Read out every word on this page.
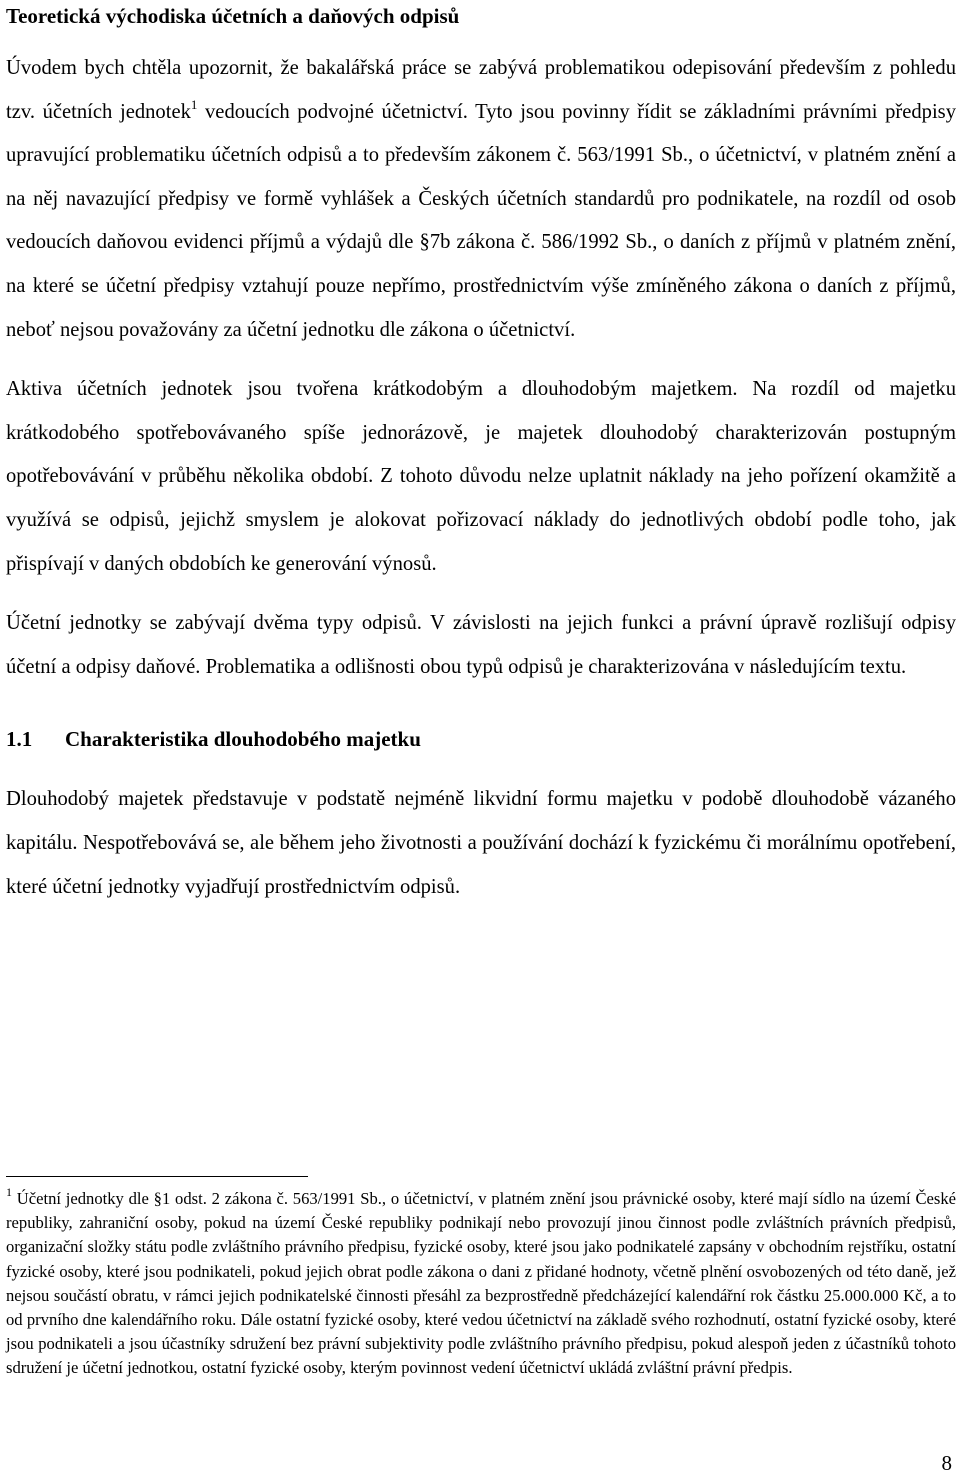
Teoretická východiska účetních a daňových odpisů

Úvodem bych chtěla upozornit, že bakalářská práce se zabývá problematikou odepisování především z pohledu tzv. účetních jednotek$^1$ vedoucích podvojné účetnictví. Tyto jsou povinny řídit se základními právními předpisy upravující problematiku účetních odpisů a to především zákonem č. 563/1991 Sb., o účetnictví, v platném znění a na něj navazující předpisy ve formě vyhlášek a Českých účetních standardů pro podnikatele, na rozdíl od osob vedoucích daňovou evidenci příjmů a výdajů dle §7b zákona č. 586/1992 Sb., o daních z příjmů v platném znění, na které se účetní předpisy vztahují pouze nepřímo, prostřednictvím výše zmíněného zákona o daních z příjmů, neboť nejsou považovány za účetní jednotku dle zákona o účetnictví.

Aktiva účetních jednotek jsou tvořena krátkodobým a dlouhodobým majetkem. Na rozdíl od majetku krátkodobého spotřebovávaného spíše jednorázově, je majetek dlouhodobý charakterizován postupným opotřebovávání v průběhu několika období. Z tohoto důvodu nelze uplatnit náklady na jeho pořízení okamžitě a využívá se odpisů, jejichž smyslem je alokovat pořizovací náklady do jednotlivých období podle toho, jak přispívají v daných obdobích ke generování výnosů.

Účetní jednotky se zabývají dvěma typy odpisů. V závislosti na jejich funkci a právní úpravě rozlišují odpisy účetní a odpisy daňové. Problematika a odlišnosti obou typů odpisů je charakterizována v následujícím textu.

1.1	Charakteristika dlouhodobého majetku

Dlouhodobý majetek představuje v podstatě nejméně likvidní formu majetku v podobě dlouhodobě vázaného kapitálu. Nespotřebovává se, ale během jeho životnosti a používání dochází k fyzickému či morálnímu opotřebení, které účetní jednotky vyjadřují prostřednictvím odpisů.

$^1$ Účetní jednotky dle §1 odst. 2 zákona č. 563/1991 Sb., o účetnictví, v platném znění jsou právnické osoby, které mají sídlo na území České republiky, zahraniční osoby, pokud na území České republiky podnikají nebo provozují jinou činnost podle zvláštních právních předpisů, organizační složky státu podle zvláštního právního předpisu, fyzické osoby, které jsou jako podnikatelé zapsány v obchodním rejstříku, ostatní fyzické osoby, které jsou podnikateli, pokud jejich obrat podle zákona o dani z přidané hodnoty, včetně plnění osvobozených od této daně, jež nejsou součástí obratu, v rámci jejich podnikatelské činnosti přesáhl za bezprostředně předcházející kalendářní rok částku 25.000.000 Kč, a to od prvního dne kalendářního roku. Dále ostatní fyzické osoby, které vedou účetnictví na základě svého rozhodnutí, ostatní fyzické osoby, které jsou podnikateli a jsou účastníky sdružení bez právní subjektivity podle zvláštního právního předpisu, pokud alespoň jeden z účastníků tohoto sdružení je účetní jednotkou, ostatní fyzické osoby, kterým povinnost vedení účetnictví ukládá zvláštní právní předpis.

8
